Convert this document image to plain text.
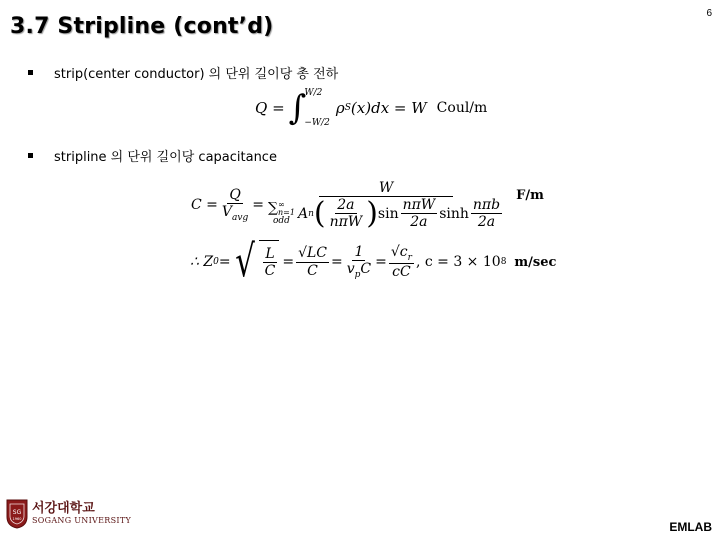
6
3.7 Stripline (cont’d)
strip(center conductor) 의 단위 길이당 총 전하
Q = ∫
W/2
−W/2
ρ S (x)dx = W Coul/m
stripline 의 단위 길이당 capacitance
$C = \frac{Q}{V_{avg}}$ =
W
∑ ∞
n=1
odd A n ( $\frac{2a}{\text{nπW}}$ ) $\sin \frac{\text{nπW}}{2a}$ $\sinh \frac{\text{nπb}}{2a}$
F/m
∴ Z 0 = √ $\frac{L}{C} = \frac{√LC}{C} = \frac{1}{v_pC} = \frac{√c_r}{cC}$ , c = 3 × 10 8 m/sec
SG
1960
서강대학교
SOGANG UNIVERSITY	EMLAB
